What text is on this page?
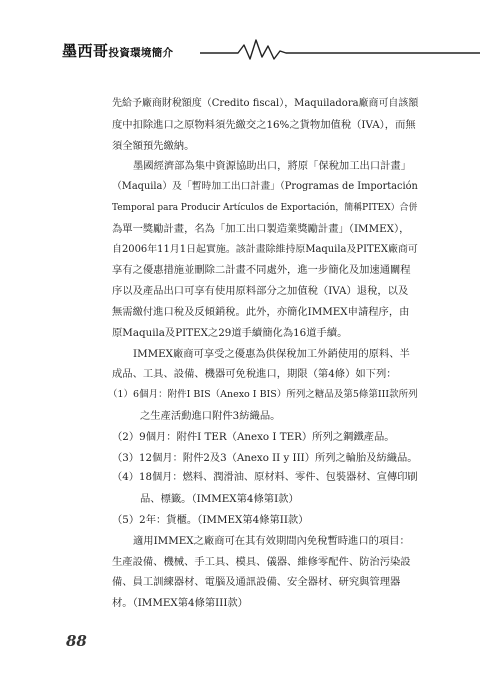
墨西哥投資環境簡介

先給予廠商財稅額度（Credito fiscal），Maquiladora廠商可自該額

度中扣除進口之原物料須先繳交之16%之貨物加值稅（IVA），而無

須全額預先繳納。

墨國經濟部為集中資源協助出口，將原「保稅加工出口計畫」

（Maquila）及「暫時加工出口計畫」（Programas de Importación

Temporal para Producir Artículos de Exportación，簡稱PITEX）合併

為單一獎勵計畫，名為「加工出口製造業獎勵計畫」（IMMEX），

自2006年11月1日起實施。該計畫除維持原Maquila及PITEX廠商可

享有之優惠措施並刪除二計畫不同處外，進一步簡化及加速通關程

序以及產品出口可享有使用原料部分之加值稅（IVA）退稅，以及

無需繳付進口稅及反傾銷稅。此外，亦簡化IMMEX申請程序，由

原Maquila及PITEX之29道手續簡化為16道手續。

IMMEX廠商可享受之優惠為供保稅加工外銷使用的原料、半

成品、工具、設備、機器可免稅進口，期限（第4條）如下列：

（1）6個月：附件I BIS（Anexo I BIS）所列之糖品及第5條第III款所列

之生產活動進口附件3紡織品。

（2）9個月：附件I TER（Anexo I TER）所列之鋼鐵產品。

（3）12個月：附件2及3（Anexo II y III）所列之輪胎及紡織品。

（4）18個月：燃料、潤滑油、原材料、零件、包裝器材、宣傳印刷

品、標籤。（IMMEX第4條第I款）

（5）2年：貨櫃。（IMMEX第4條第II款）

適用IMMEX之廠商可在其有效期間內免稅暫時進口的項目：

生產設備、機械、手工具、模具、儀器、維修零配件、防治污染設

備、員工訓練器材、電腦及通訊設備、安全器材、研究與管理器

材。（IMMEX第4條第III款）

88
